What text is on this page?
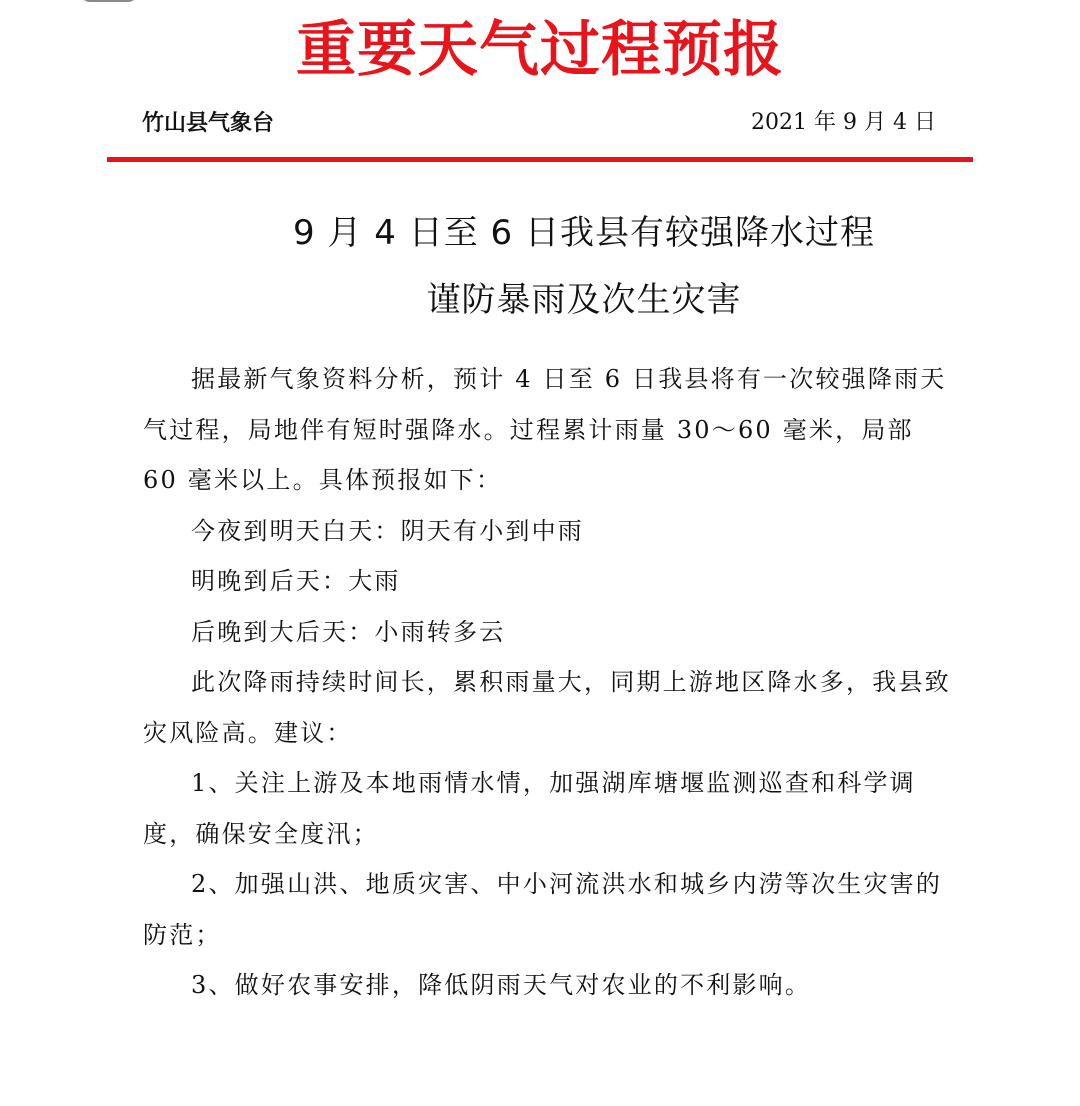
重要天气过程预报
竹山县气象台	2021 年 9 月 4 日
9 月 4 日至 6 日我县有较强降水过程
谨防暴雨及次生灾害

据最新气象资料分析，预计 4 日至 6 日我县将有一次较强降雨天气过程，局地伴有短时强降水。过程累计雨量 30～60 毫米，局部 60 毫米以上。具体预报如下：

今夜到明天白天：阴天有小到中雨

明晚到后天：大雨

后晚到大后天：小雨转多云

此次降雨持续时间长，累积雨量大，同期上游地区降水多，我县致灾风险高。建议：

1、关注上游及本地雨情水情，加强湖库塘堰监测巡查和科学调度，确保安全度汛；

2、加强山洪、地质灾害、中小河流洪水和城乡内涝等次生灾害的防范；

3、做好农事安排，降低阴雨天气对农业的不利影响。
